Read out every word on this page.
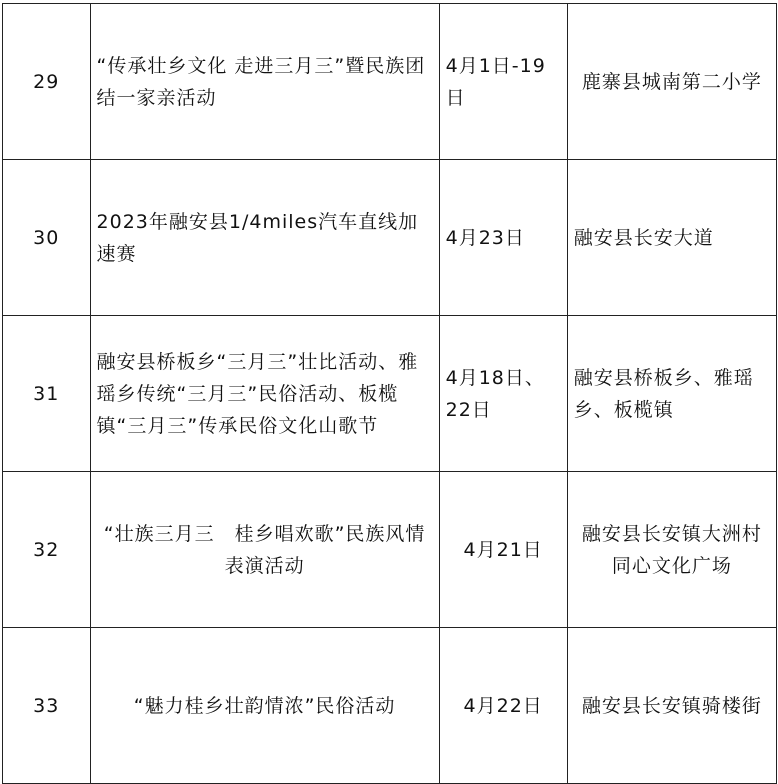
29	“传承壮乡文化 走进三月三”暨民族团结一家亲活动	4月1日-19日	鹿寨县城南第二小学
30	2023年融安县1/4miles汽车直线加速赛	4月23日	融安县长安大道
31	融安县桥板乡“三月三”壮比活动、雅瑶乡传统“三月三”民俗活动、板榄镇“三月三”传承民俗文化山歌节	4月18日、22日	融安县桥板乡、雅瑶乡、板榄镇
32	“壮族三月三　桂乡唱欢歌”民族风情表演活动	4月21日	融安县长安镇大洲村同心文化广场
33	“魅力桂乡壮韵情浓”民俗活动	4月22日	融安县长安镇骑楼街
